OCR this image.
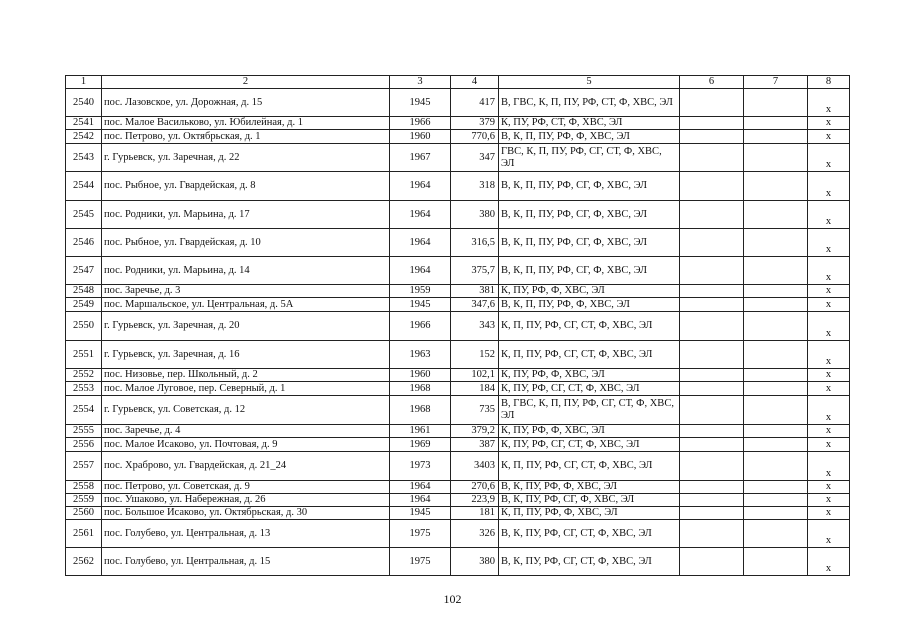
1	2	3	4	5	6	7	8
2540	пос. Лазовское, ул. Дорожная, д. 15	1945	417	В, ГВС, К, П, ПУ, РФ, СТ, Ф, ХВС, ЭЛ			x
2541	пос. Малое Васильково, ул. Юбилейная, д. 1	1966	379	К, ПУ, РФ, СТ, Ф, ХВС, ЭЛ			x
2542	пос. Петрово, ул. Октябрьская, д. 1	1960	770,6	В, К, П, ПУ, РФ, Ф, ХВС, ЭЛ			x
2543	г. Гурьевск, ул. Заречная, д. 22	1967	347	ГВС, К, П, ПУ, РФ, СГ, СТ, Ф, ХВС, ЭЛ			x
2544	пос. Рыбное, ул. Гвардейская, д. 8	1964	318	В, К, П, ПУ, РФ, СГ, Ф, ХВС, ЭЛ			x
2545	пос. Родники, ул. Марьина, д. 17	1964	380	В, К, П, ПУ, РФ, СГ, Ф, ХВС, ЭЛ			x
2546	пос. Рыбное, ул. Гвардейская, д. 10	1964	316,5	В, К, П, ПУ, РФ, СГ, Ф, ХВС, ЭЛ			x
2547	пос. Родники, ул. Марьина, д. 14	1964	375,7	В, К, П, ПУ, РФ, СГ, Ф, ХВС, ЭЛ			x
2548	пос. Заречье, д. 3	1959	381	К, ПУ, РФ, Ф, ХВС, ЭЛ			x
2549	пос. Маршальское, ул. Центральная, д. 5А	1945	347,6	В, К, П, ПУ, РФ, Ф, ХВС, ЭЛ			x
2550	г. Гурьевск, ул. Заречная, д. 20	1966	343	К, П, ПУ, РФ, СГ, СТ, Ф, ХВС, ЭЛ			x
2551	г. Гурьевск, ул. Заречная, д. 16	1963	152	К, П, ПУ, РФ, СГ, СТ, Ф, ХВС, ЭЛ			x
2552	пос. Низовье, пер. Школьный, д. 2	1960	102,1	К, ПУ, РФ, Ф, ХВС, ЭЛ			x
2553	пос. Малое Луговое, пер. Северный, д. 1	1968	184	К, ПУ, РФ, СГ, СТ, Ф, ХВС, ЭЛ			x
2554	г. Гурьевск, ул. Советская, д. 12	1968	735	В, ГВС, К, П, ПУ, РФ, СГ, СТ, Ф, ХВС, ЭЛ			x
2555	пос. Заречье, д. 4	1961	379,2	К, ПУ, РФ, Ф, ХВС, ЭЛ			x
2556	пос. Малое Исаково, ул. Почтовая, д. 9	1969	387	К, ПУ, РФ, СГ, СТ, Ф, ХВС, ЭЛ			x
2557	пос. Храброво, ул. Гвардейская, д. 21_24	1973	3403	К, П, ПУ, РФ, СГ, СТ, Ф, ХВС, ЭЛ			x
2558	пос. Петрово, ул. Советская, д. 9	1964	270,6	В, К, ПУ, РФ, Ф, ХВС, ЭЛ			x
2559	пос. Ушаково, ул. Набережная, д. 26	1964	223,9	В, К, ПУ, РФ, СГ, Ф, ХВС, ЭЛ			x
2560	пос. Большое Исаково, ул. Октябрьская, д. 30	1945	181	К, П, ПУ, РФ, Ф, ХВС, ЭЛ			x
2561	пос. Голубево, ул. Центральная, д. 13	1975	326	В, К, ПУ, РФ, СГ, СТ, Ф, ХВС, ЭЛ			x
2562	пос. Голубево, ул. Центральная, д. 15	1975	380	В, К, ПУ, РФ, СГ, СТ, Ф, ХВС, ЭЛ			x
102
